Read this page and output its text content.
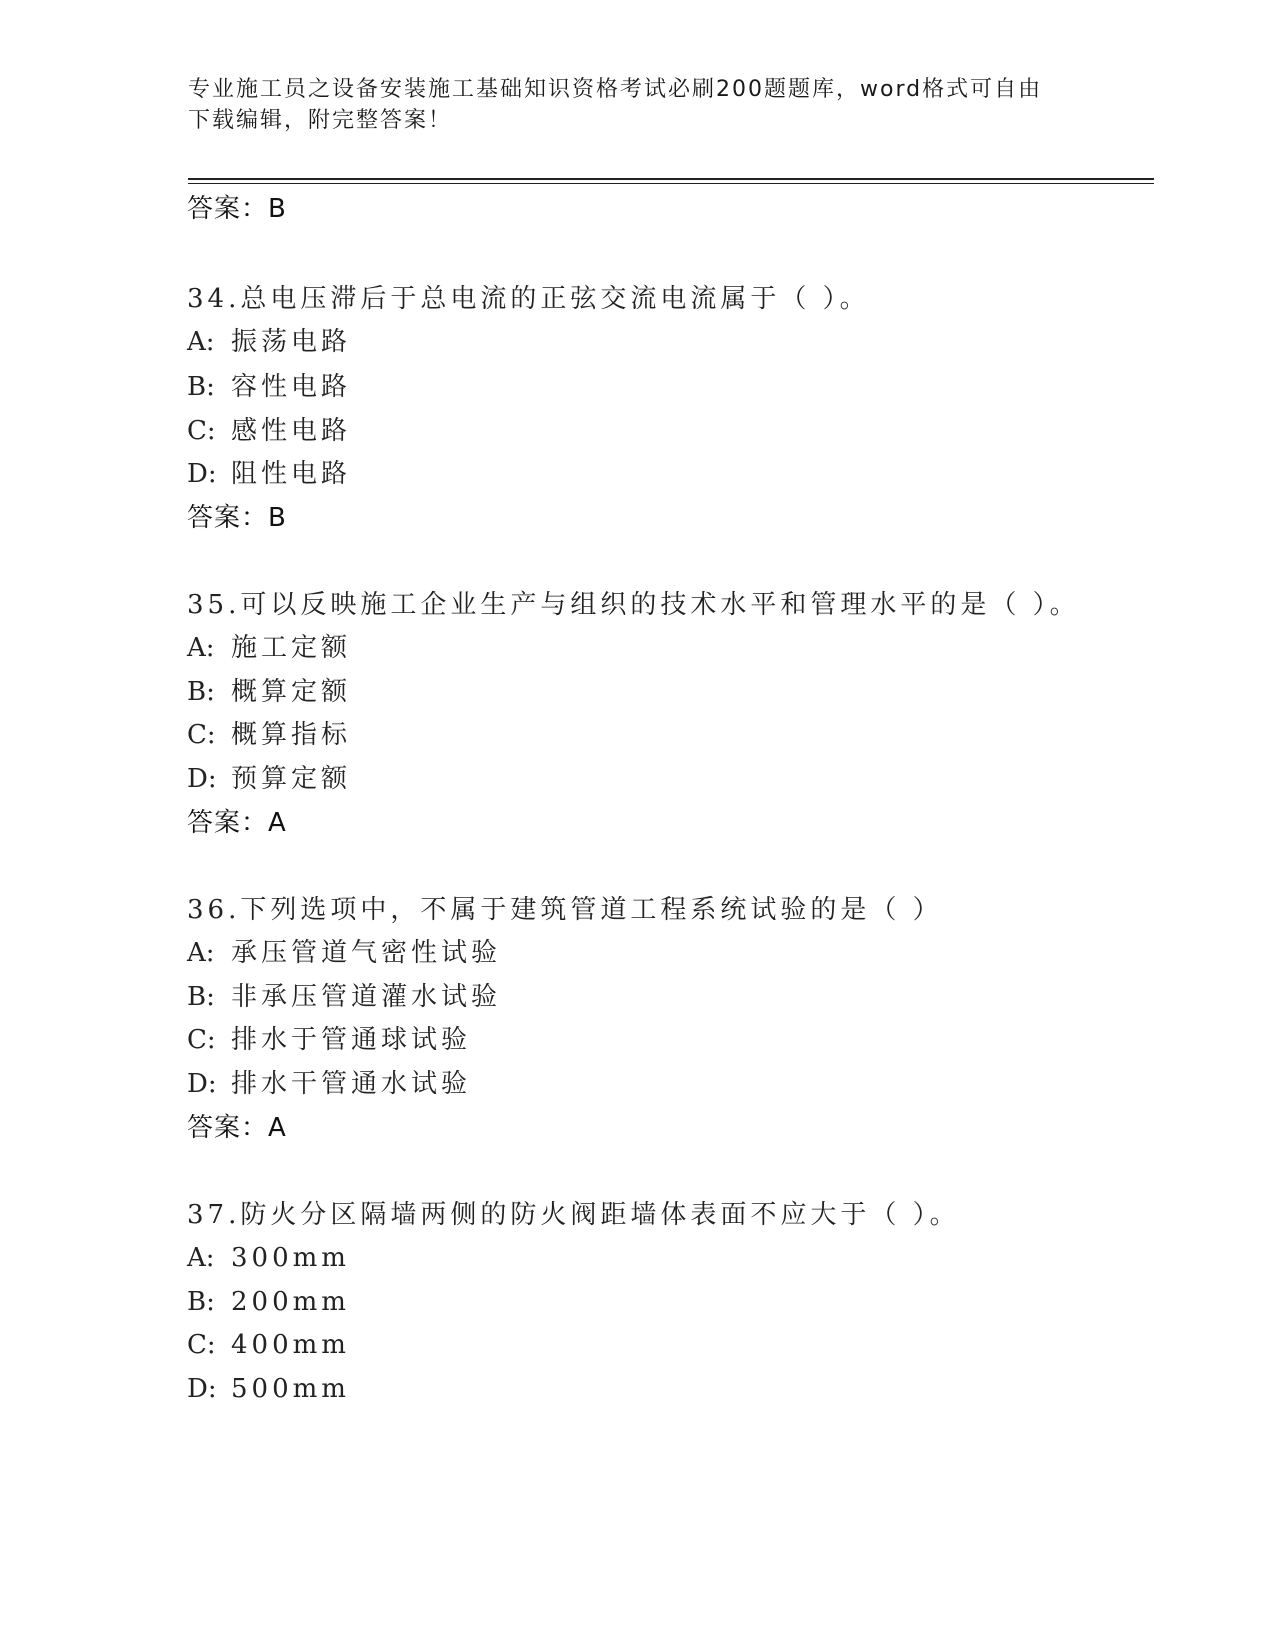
专业施工员之设备安装施工基础知识资格考试必刷200题题库，word格式可自由
下载编辑，附完整答案！
答案：B
34.总电压滞后于总电流的正弦交流电流属于（ ）。
A: 振荡电路
B: 容性电路
C: 感性电路
D: 阻性电路
答案：B
35.可以反映施工企业生产与组织的技术水平和管理水平的是（ ）。
A: 施工定额
B: 概算定额
C: 概算指标
D: 预算定额
答案：A
36.下列选项中，不属于建筑管道工程系统试验的是（ ）
A: 承压管道气密性试验
B: 非承压管道灌水试验
C: 排水于管通球试验
D: 排水干管通水试验
答案：A
37.防火分区隔墙两侧的防火阀距墙体表面不应大于（ ）。
A: 300mm
B: 200mm
C: 400mm
D: 500mm
